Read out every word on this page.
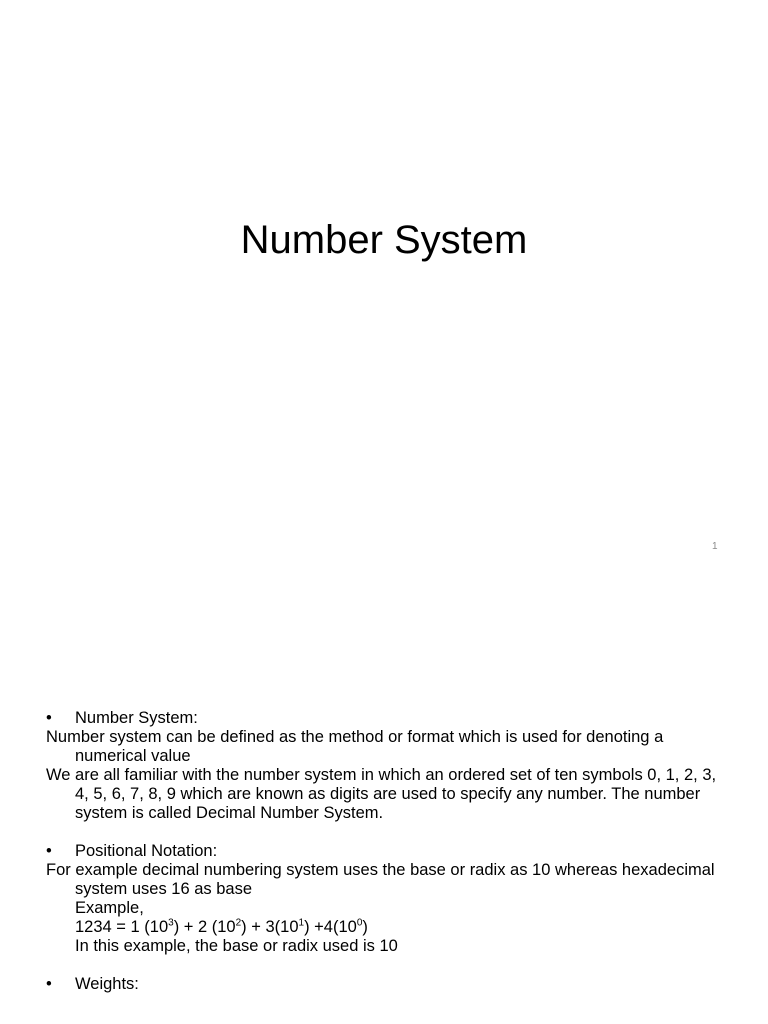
Number System
1
• Number System:
Number system can be defined as the method or format which is used for denoting a numerical value
We are all familiar with the number system in which an ordered set of ten symbols 0, 1, 2, 3, 4, 5, 6, 7, 8, 9 which are known as digits are used to specify any number. The number system is called Decimal Number System.
• Positional Notation:
For example decimal numbering system uses the base or radix as 10 whereas hexadecimal system uses 16 as base
Example,
1234 = 1 $(10^3) + 2$ $(10^2) + 3(10^1) +4(10^0)$
In this example, the base or radix used is 10
• Weights:
